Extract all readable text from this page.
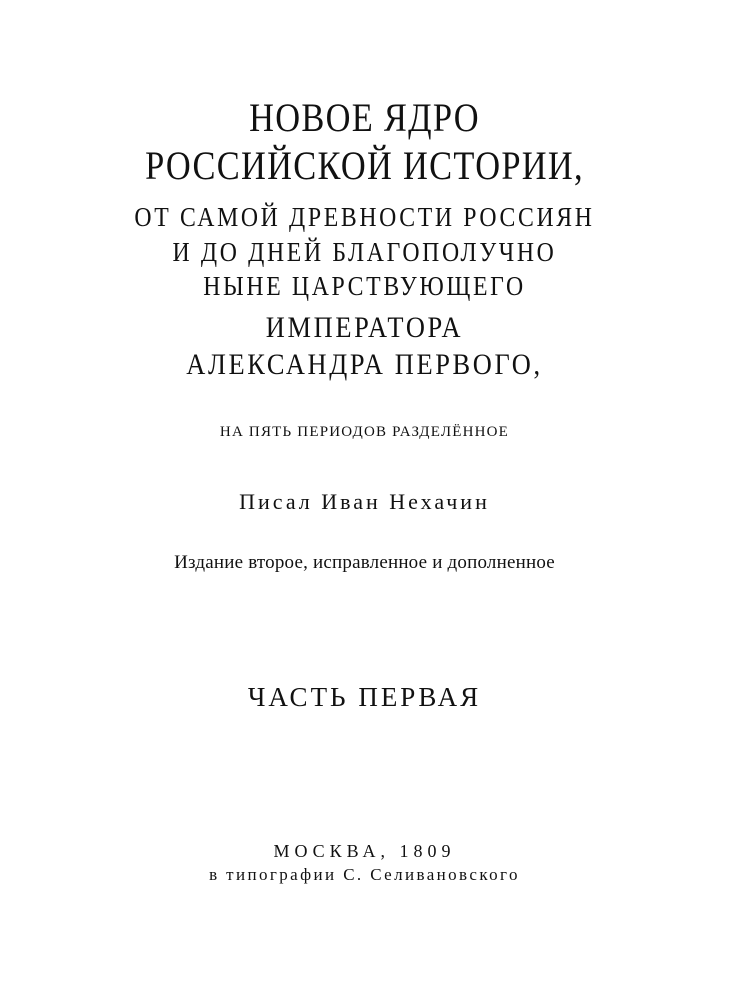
НОВОЕ ЯДРО
РОССИЙСКОЙ ИСТОРИИ,
ОТ САМОЙ ДРЕВНОСТИ РОССИЯН
И ДО ДНЕЙ БЛАГОПОЛУЧНО
НЫНЕ ЦАРСТВУЮЩЕГО
ИМПЕРАТОРА
АЛЕКСАНДРА ПЕРВОГО,
НА ПЯТЬ ПЕРИОДОВ РАЗДЕЛЁННОЕ
Писал Иван Нехачин
Издание второе, исправленное и дополненное
ЧАСТЬ ПЕРВАЯ
МОСКВА, 1809
в типографии С. Селивановского
